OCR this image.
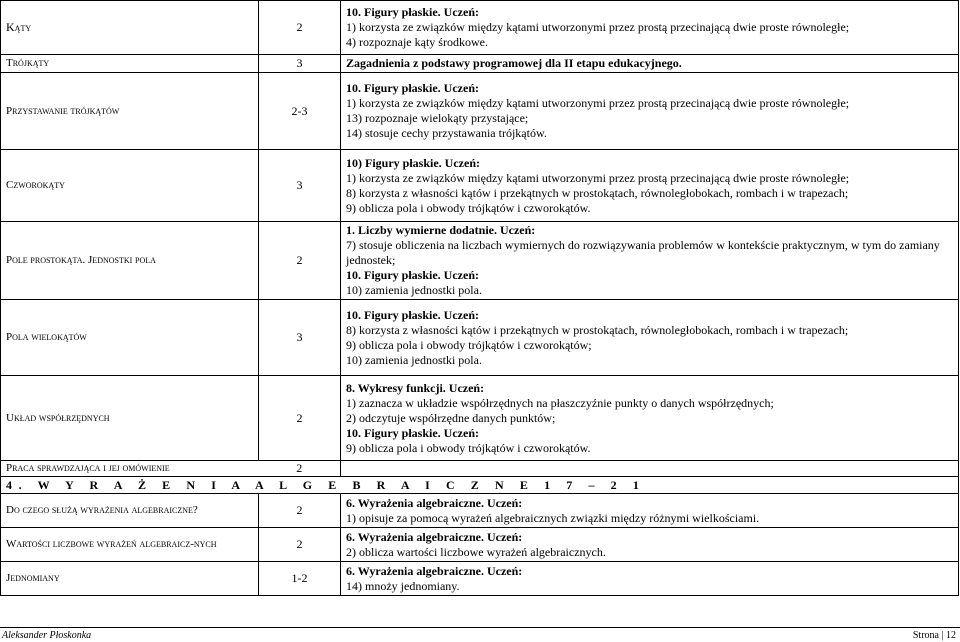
Kąty	2	10. Figury płaskie. Uczeń:
1) korzysta ze związków między kątami utworzonymi przez prostą przecinającą dwie proste równoległe;
4) rozpoznaje kąty środkowe.

Trójkąty	3	Zagadnienia z podstawy programowej dla II etapu edukacyjnego.
Przystawanie trójkątów	2-3	10. Figury płaskie. Uczeń:
1) korzysta ze związków między kątami utworzonymi przez prostą przecinającą dwie proste równoległe;
13) rozpoznaje wielokąty przystające;
14) stosuje cechy przystawania trójkątów.

Czworokąty	3	10) Figury płaskie. Uczeń:
1) korzysta ze związków między kątami utworzonymi przez prostą przecinającą dwie proste równoległe;
8) korzysta z własności kątów i przekątnych w prostokątach, równoległobokach, rombach i w trapezach;
9) oblicza pola i obwody trójkątów i czworokątów.

Pole prostokąta. Jednostki pola	2	1. Liczby wymierne dodatnie. Uczeń:
7) stosuje obliczenia na liczbach wymiernych do rozwiązywania problemów w kontekście praktycznym, w tym do zamiany jednostek;
10. Figury płaskie. Uczeń:
10) zamienia jednostki pola.

Pola wielokątów	3	10. Figury płaskie. Uczeń:
8) korzysta z własności kątów i przekątnych w prostokątach, równoległobokach, rombach i w trapezach;
9) oblicza pola i obwody trójkątów i czworokątów;
10) zamienia jednostki pola.

Układ współrzędnych	2	8. Wykresy funkcji. Uczeń:
1) zaznacza w układzie współrzędnych na płaszczyźnie punkty o danych współrzędnych;
2) odczytuje współrzędne danych punktów;
10. Figury płaskie. Uczeń:
9) oblicza pola i obwody trójkątów i czworokątów.

Praca sprawdzająca i jej omówienie	2	
4. W Y R A Ż E N I A A L G E B R A I C Z N E 1 7 – 2 1		
Do czego służą wyrażenia algebraiczne?	2	6. Wyrażenia algebraiczne. Uczeń:
1) opisuje za pomocą wyrażeń algebraicznych związki między różnymi wielkościami.

Wartości liczbowe wyrażeń algebraicz-nych	2	6. Wyrażenia algebraiczne. Uczeń:
2) oblicza wartości liczbowe wyrażeń algebraicznych.

Jednomiany	1-2	6. Wyrażenia algebraiczne. Uczeń:
14) mnoży jednomiany.
Aleksander Płoskonka	Strona | 12
